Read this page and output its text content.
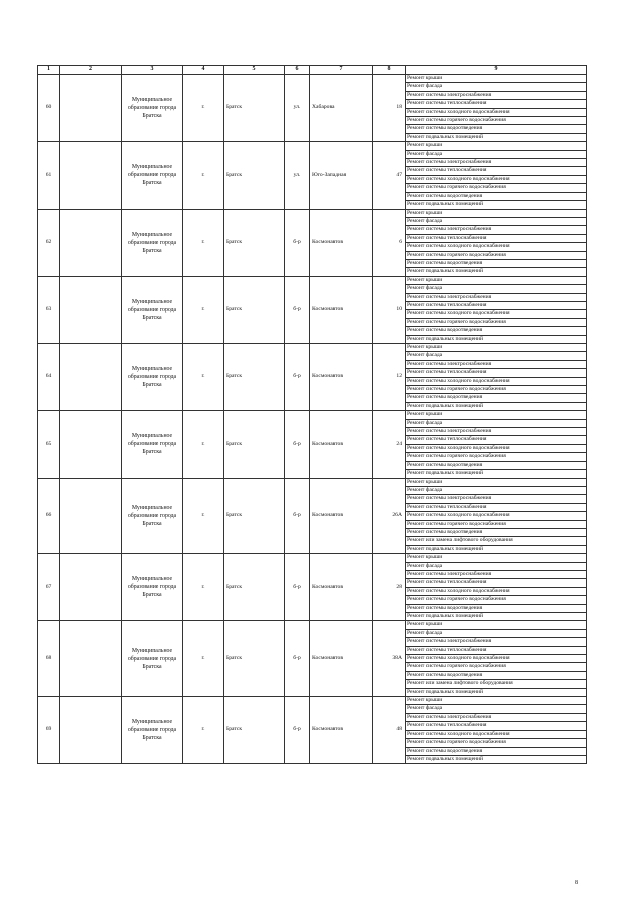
1	2	3	4	5	6	7	8	9
60		Муниципальное образование города Братска	г.	Братск	ул.	Хабарова	18	Ремонт крыши
								Ремонт фасада
								Ремонт системы электроснабжения
								Ремонт системы теплоснабжения
								Ремонт системы холодного водоснабжения
								Ремонт системы горячего водоснабжения
								Ремонт системы водоотведения
								Ремонт подвальных помещений
61		Муниципальное образование города Братска	г.	Братск	ул.	Юго-Западная	47	Ремонт крыши
								Ремонт фасада
								Ремонт системы электроснабжения
								Ремонт системы теплоснабжения
								Ремонт системы холодного водоснабжения
								Ремонт системы горячего водоснабжения
								Ремонт системы водоотведения
								Ремонт подвальных помещений
62		Муниципальное образование города Братска	г.	Братск	б-р	Космонавтов	6	Ремонт крыши
								Ремонт фасада
								Ремонт системы электроснабжения
								Ремонт системы теплоснабжения
								Ремонт системы холодного водоснабжения
								Ремонт системы горячего водоснабжения
								Ремонт системы водоотведения
								Ремонт подвальных помещений
63		Муниципальное образование города Братска	г.	Братск	б-р	Космонавтов	10	Ремонт крыши
								Ремонт фасада
								Ремонт системы электроснабжения
								Ремонт системы теплоснабжения
								Ремонт системы холодного водоснабжения
								Ремонт системы горячего водоснабжения
								Ремонт системы водоотведения
								Ремонт подвальных помещений
64		Муниципальное образование города Братска	г.	Братск	б-р	Космонавтов	12	Ремонт крыши
								Ремонт фасада
								Ремонт системы электроснабжения
								Ремонт системы теплоснабжения
								Ремонт системы холодного водоснабжения
								Ремонт системы горячего водоснабжения
								Ремонт системы водоотведения
								Ремонт подвальных помещений
65		Муниципальное образование города Братска	г.	Братск	б-р	Космонавтов	24	Ремонт крыши
								Ремонт фасада
								Ремонт системы электроснабжения
								Ремонт системы теплоснабжения
								Ремонт системы холодного водоснабжения
								Ремонт системы горячего водоснабжения
								Ремонт системы водоотведения
								Ремонт подвальных помещений
66		Муниципальное образование города Братска	г.	Братск	б-р	Космонавтов	26А	Ремонт крыши
								Ремонт фасада
								Ремонт системы электроснабжения
								Ремонт системы теплоснабжения
								Ремонт системы холодного водоснабжения
								Ремонт системы горячего водоснабжения
								Ремонт системы водоотведения
								Ремонт или замена лифтового оборудования
								Ремонт подвальных помещений
67		Муниципальное образование города Братска	г.	Братск	б-р	Космонавтов	28	Ремонт крыши
								Ремонт фасада
								Ремонт системы электроснабжения
								Ремонт системы теплоснабжения
								Ремонт системы холодного водоснабжения
								Ремонт системы горячего водоснабжения
								Ремонт системы водоотведения
								Ремонт подвальных помещений
68		Муниципальное образование города Братска	г.	Братск	б-р	Космонавтов	38А	Ремонт крыши
								Ремонт фасада
								Ремонт системы электроснабжения
								Ремонт системы теплоснабжения
								Ремонт системы холодного водоснабжения
								Ремонт системы горячего водоснабжения
								Ремонт системы водоотведения
								Ремонт или замена лифтового оборудования
								Ремонт подвальных помещений
69		Муниципальное образование города Братска	г.	Братск	б-р	Космонавтов	48	Ремонт крыши
								Ремонт фасада
								Ремонт системы электроснабжения
								Ремонт системы теплоснабжения
								Ремонт системы холодного водоснабжения
								Ремонт системы горячего водоснабжения
								Ремонт системы водоотведения
								Ремонт подвальных помещений
8
